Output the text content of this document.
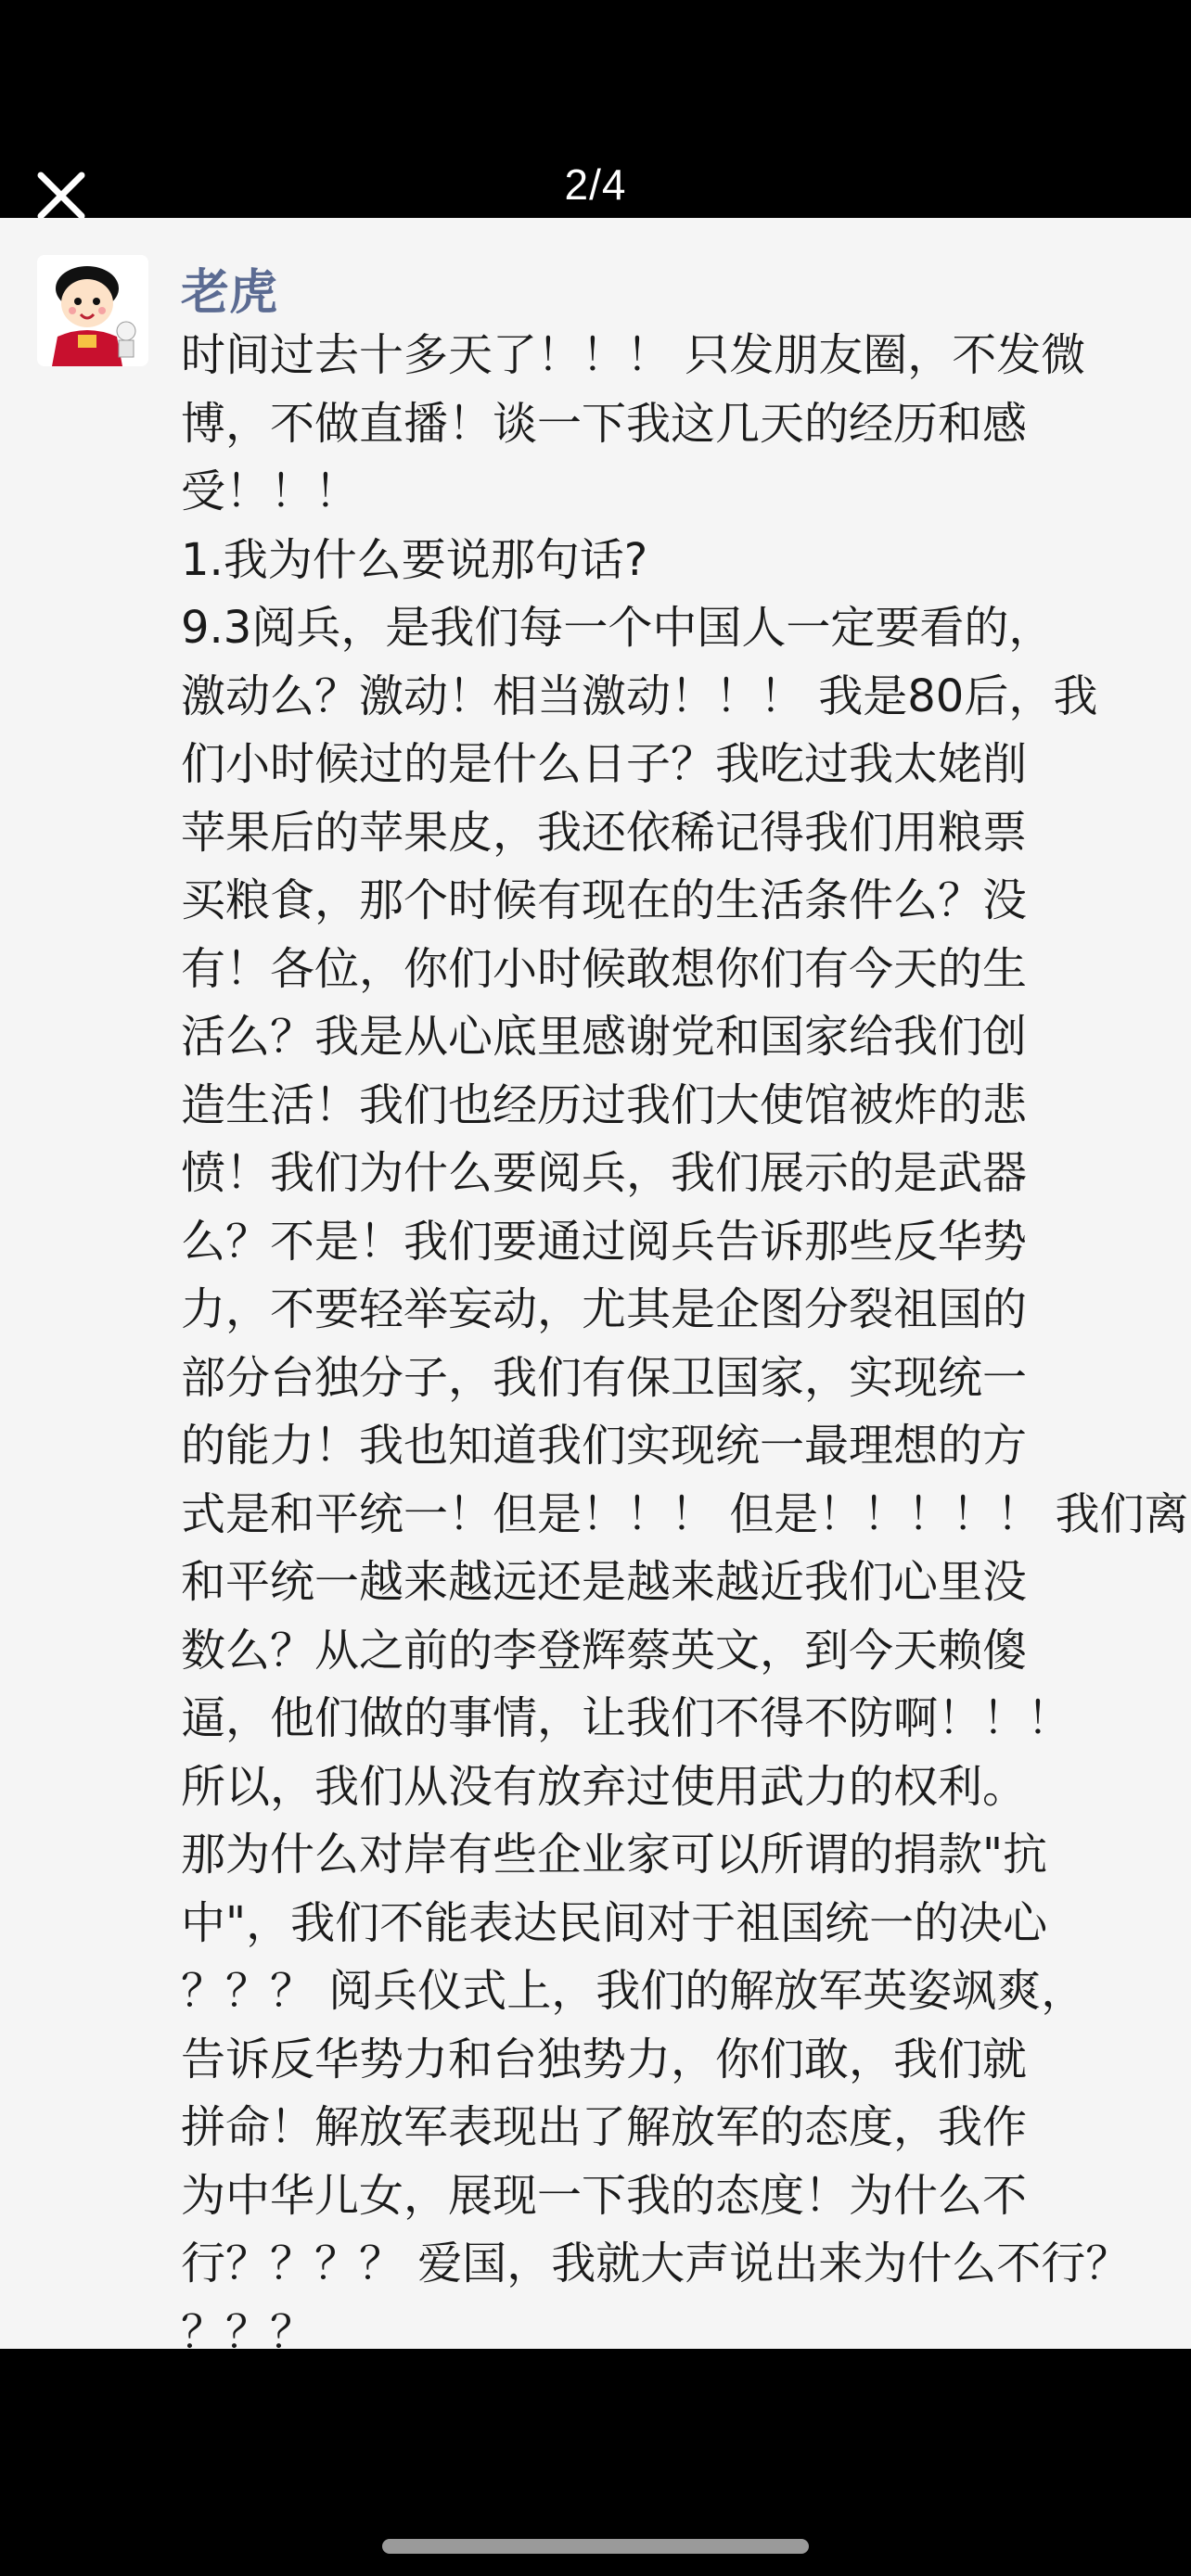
2/4
老虎

时间过去十多天了！！！ 只发朋友圈，不发微

博，不做直播！谈一下我这几天的经历和感

受！！！

1.我为什么要说那句话?

9.3阅兵，是我们每一个中国人一定要看的，

激动么？激动！相当激动！！！ 我是80后，我

们小时候过的是什么日子？我吃过我太姥削

苹果后的苹果皮，我还依稀记得我们用粮票

买粮食，那个时候有现在的生活条件么？没

有！各位，你们小时候敢想你们有今天的生

活么？我是从心底里感谢党和国家给我们创

造生活！我们也经历过我们大使馆被炸的悲

愤！我们为什么要阅兵，我们展示的是武器

么？不是！我们要通过阅兵告诉那些反华势

力，不要轻举妄动，尤其是企图分裂祖国的

部分台独分子，我们有保卫国家，实现统一

的能力！我也知道我们实现统一最理想的方

式是和平统一！但是！！！ 但是！！！！！ 我们离

和平统一越来越远还是越来越近我们心里没

数么？从之前的李登辉蔡英文，到今天赖傻

逼，他们做的事情，让我们不得不防啊！！！

所以，我们从没有放弃过使用武力的权利。

那为什么对岸有些企业家可以所谓的捐款"抗

中"，我们不能表达民间对于祖国统一的决心

？？？ 阅兵仪式上，我们的解放军英姿飒爽，

告诉反华势力和台独势力，你们敢，我们就

拼命！解放军表现出了解放军的态度，我作

为中华儿女，展现一下我的态度！为什么不

行？？？？ 爱国，我就大声说出来为什么不行？

？？？
